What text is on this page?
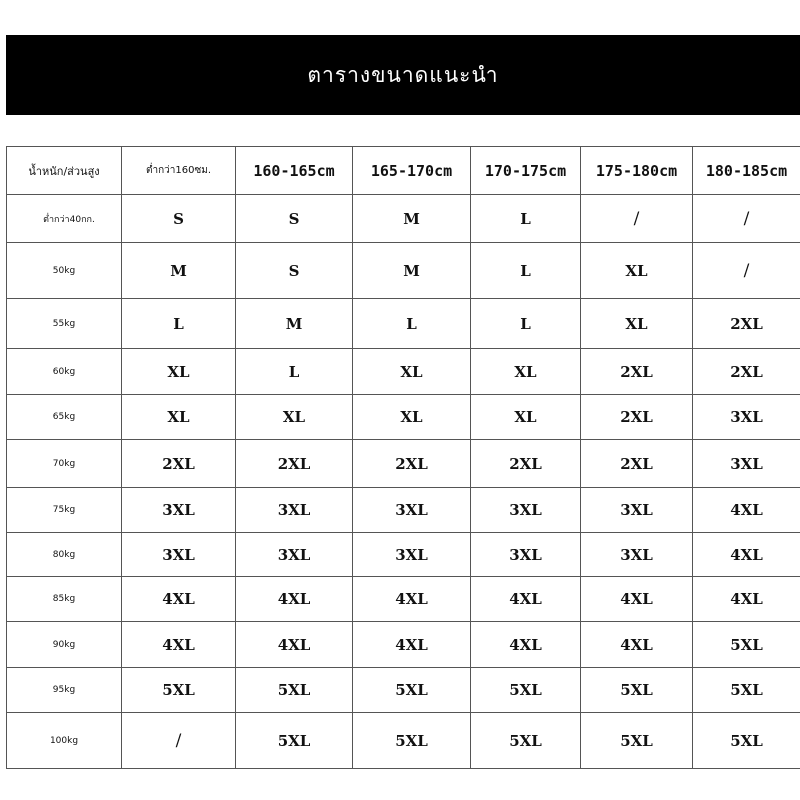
ตารางขนาดแนะนำ
น้ำหนัก/ส่วนสูง	ต่ำกว่า160ซม.	160-165cm	165-170cm	170-175cm	175-180cm	180-185cm
ต่ำกว่า40กก.	S	S	M	L	/	/
50kg	M	S	M	L	XL	/
55kg	L	M	L	L	XL	2XL
60kg	XL	L	XL	XL	2XL	2XL
65kg	XL	XL	XL	XL	2XL	3XL
70kg	2XL	2XL	2XL	2XL	2XL	3XL
75kg	3XL	3XL	3XL	3XL	3XL	4XL
80kg	3XL	3XL	3XL	3XL	3XL	4XL
85kg	4XL	4XL	4XL	4XL	4XL	4XL
90kg	4XL	4XL	4XL	4XL	4XL	5XL
95kg	5XL	5XL	5XL	5XL	5XL	5XL
100kg	/	5XL	5XL	5XL	5XL	5XL
